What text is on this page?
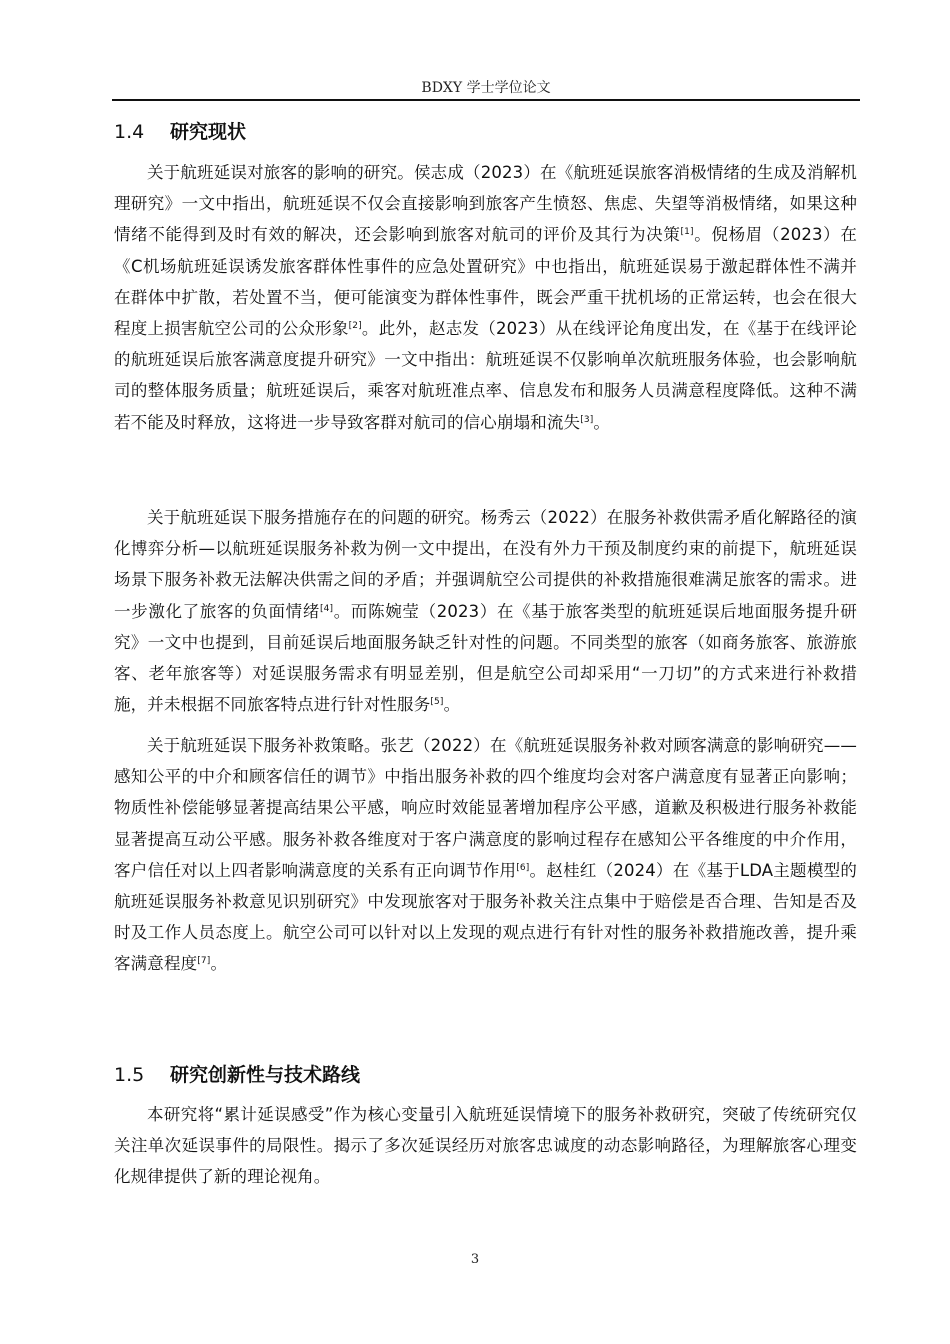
BDXY 学士学位论文
1.4 研究现状

关于航班延误对旅客的影响的研究。侯志成（2023）在《航班延误旅客消极情绪的生成及消解机理研究》一文中指出，航班延误不仅会直接影响到旅客产生愤怒、焦虑、失望等消极情绪，如果这种情绪不能得到及时有效的解决，还会影响到旅客对航司的评价及其行为决策[1]。倪杨眉（2023）在《C机场航班延误诱发旅客群体性事件的应急处置研究》中也指出，航班延误易于激起群体性不满并在群体中扩散，若处置不当，便可能演变为群体性事件，既会严重干扰机场的正常运转，也会在很大程度上损害航空公司的公众形象[2]。此外，赵志发（2023）从在线评论角度出发，在《基于在线评论的航班延误后旅客满意度提升研究》一文中指出：航班延误不仅影响单次航班服务体验，也会影响航司的整体服务质量；航班延误后，乘客对航班准点率、信息发布和服务人员满意程度降低。这种不满若不能及时释放，这将进一步导致客群对航司的信心崩塌和流失[3]。

关于航班延误下服务措施存在的问题的研究。杨秀云（2022）在服务补救供需矛盾化解路径的演化博弈分析—以航班延误服务补救为例一文中提出，在没有外力干预及制度约束的前提下，航班延误场景下服务补救无法解决供需之间的矛盾；并强调航空公司提供的补救措施很难满足旅客的需求。进一步激化了旅客的负面情绪[4]。而陈婉莹（2023）在《基于旅客类型的航班延误后地面服务提升研究》一文中也提到，目前延误后地面服务缺乏针对性的问题。不同类型的旅客（如商务旅客、旅游旅客、老年旅客等）对延误服务需求有明显差别，但是航空公司却采用“一刀切”的方式来进行补救措施，并未根据不同旅客特点进行针对性服务[5]。

关于航班延误下服务补救策略。张艺（2022）在《航班延误服务补救对顾客满意的影响研究——感知公平的中介和顾客信任的调节》中指出服务补救的四个维度均会对客户满意度有显著正向影响；物质性补偿能够显著提高结果公平感，响应时效能显著增加程序公平感，道歉及积极进行服务补救能显著提高互动公平感。服务补救各维度对于客户满意度的影响过程存在感知公平各维度的中介作用，客户信任对以上四者影响满意度的关系有正向调节作用[6]。赵桂红（2024）在《基于LDA主题模型的航班延误服务补救意见识别研究》中发现旅客对于服务补救关注点集中于赔偿是否合理、告知是否及时及工作人员态度上。航空公司可以针对以上发现的观点进行有针对性的服务补救措施改善，提升乘客满意程度[7]。

1.5 研究创新性与技术路线

本研究将“累计延误感受”作为核心变量引入航班延误情境下的服务补救研究，突破了传统研究仅关注单次延误事件的局限性。揭示了多次延误经历对旅客忠诚度的动态影响路径，为理解旅客心理变化规律提供了新的理论视角。

3
